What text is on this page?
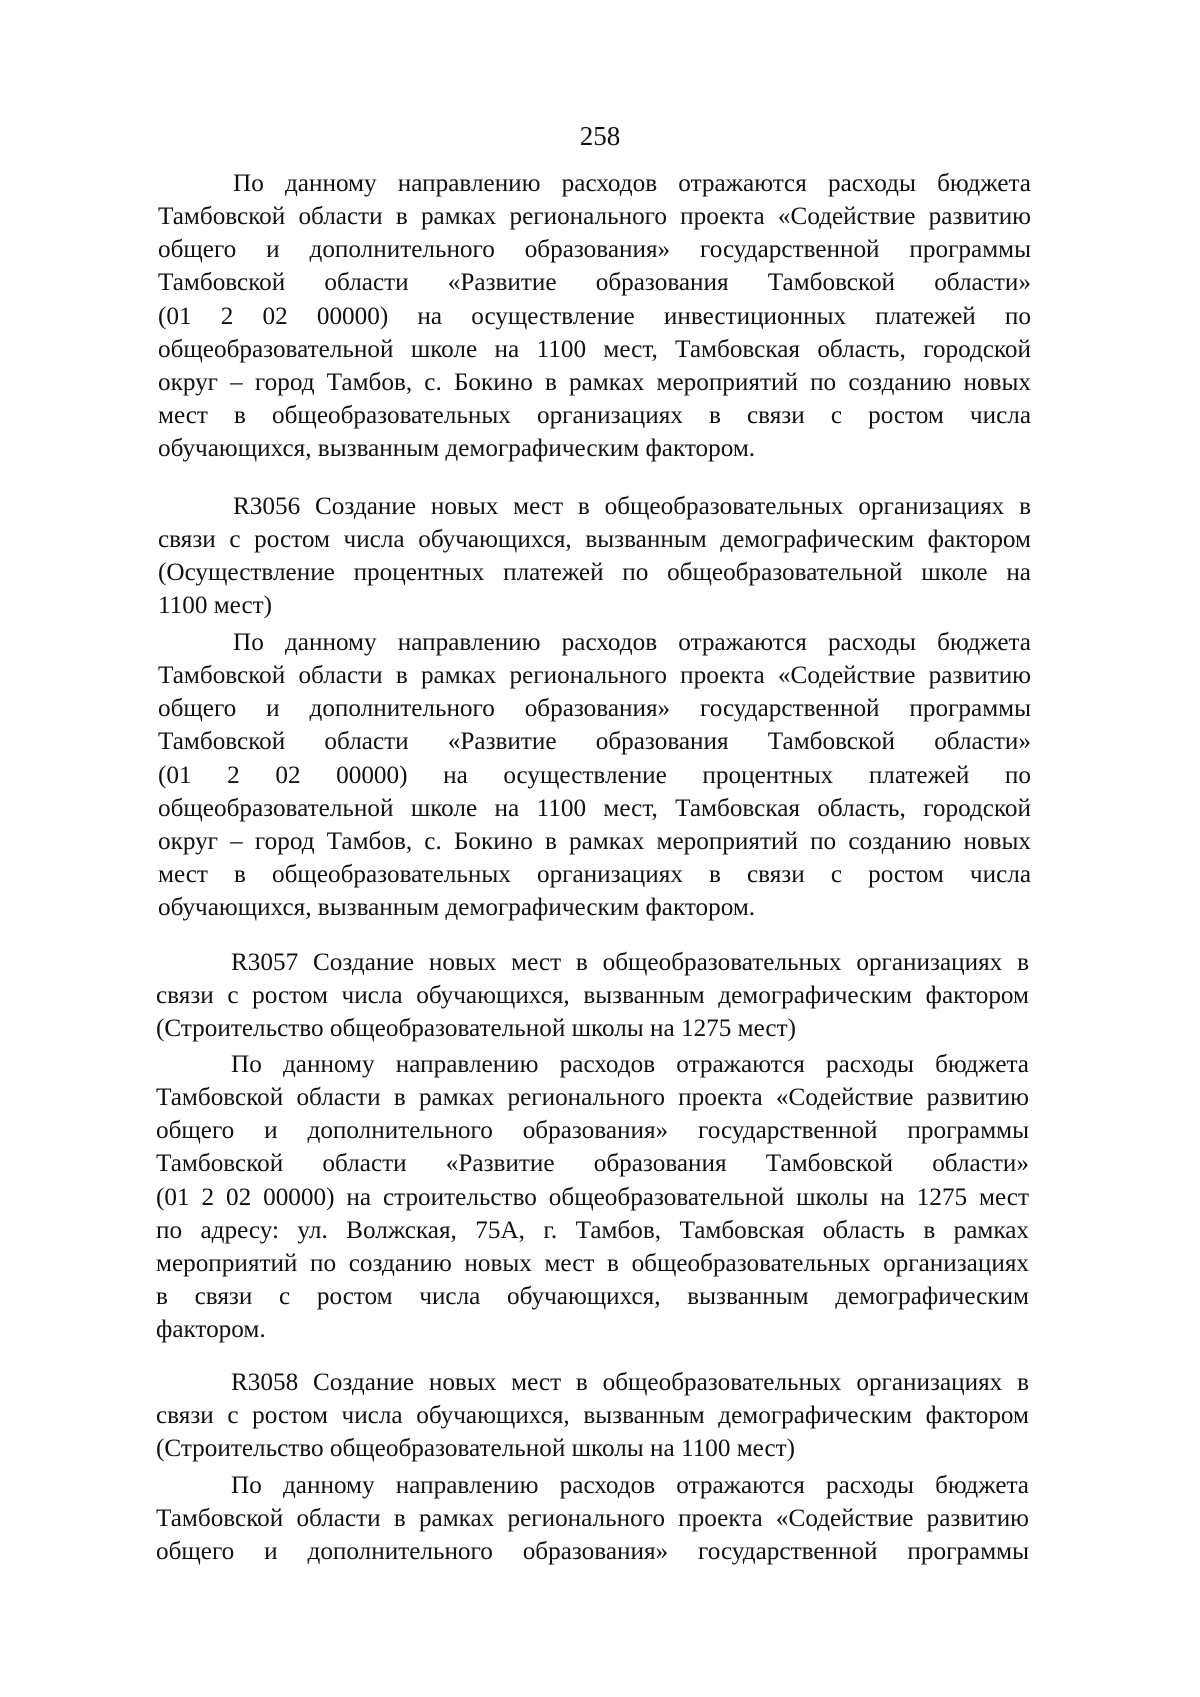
258
По данному направлению расходов отражаются расходы бюджета
Тамбовской области в рамках регионального проекта «Содействие развитию
общего и дополнительного образования» государственной программы
Тамбовской области «Развитие образования Тамбовской области»
(01 2 02 00000) на осуществление инвестиционных платежей по
общеобразовательной школе на 1100 мест, Тамбовская область, городской
округ – город Тамбов, с. Бокино в рамках мероприятий по созданию новых
мест в общеобразовательных организациях в связи с ростом числа
обучающихся, вызванным демографическим фактором.
R3056 Создание новых мест в общеобразовательных организациях в
связи с ростом числа обучающихся, вызванным демографическим фактором
(Осуществление процентных платежей по общеобразовательной школе на
1100 мест)
По данному направлению расходов отражаются расходы бюджета
Тамбовской области в рамках регионального проекта «Содействие развитию
общего и дополнительного образования» государственной программы
Тамбовской области «Развитие образования Тамбовской области»
(01 2 02 00000) на осуществление процентных платежей по
общеобразовательной школе на 1100 мест, Тамбовская область, городской
округ – город Тамбов, с. Бокино в рамках мероприятий по созданию новых
мест в общеобразовательных организациях в связи с ростом числа
обучающихся, вызванным демографическим фактором.
R3057 Создание новых мест в общеобразовательных организациях в
связи с ростом числа обучающихся, вызванным демографическим фактором
(Строительство общеобразовательной школы на 1275 мест)
По данному направлению расходов отражаются расходы бюджета
Тамбовской области в рамках регионального проекта «Содействие развитию
общего и дополнительного образования» государственной программы
Тамбовской области «Развитие образования Тамбовской области»
(01 2 02 00000) на строительство общеобразовательной школы на 1275 мест
по адресу: ул. Волжская, 75А, г. Тамбов, Тамбовская область в рамках
мероприятий по созданию новых мест в общеобразовательных организациях
в связи с ростом числа обучающихся, вызванным демографическим
фактором.
R3058 Создание новых мест в общеобразовательных организациях в
связи с ростом числа обучающихся, вызванным демографическим фактором
(Строительство общеобразовательной школы на 1100 мест)
По данному направлению расходов отражаются расходы бюджета
Тамбовской области в рамках регионального проекта «Содействие развитию
общего и дополнительного образования» государственной программы
